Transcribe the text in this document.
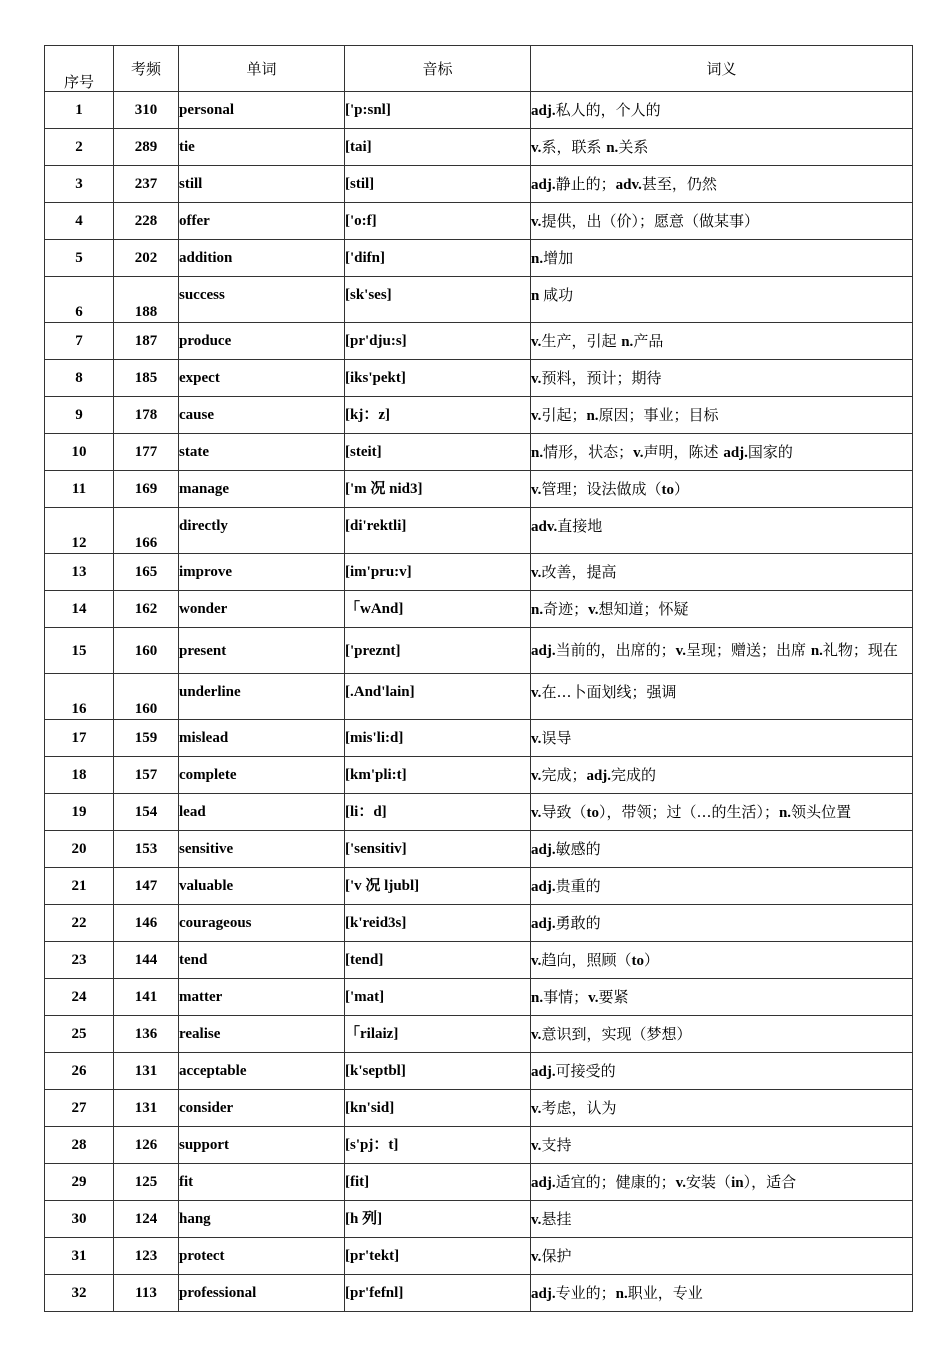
序号	考频	单词	音标	词义
1	310	personal	['p:snl]	adj.私人的，个人的
2	289	tie	[tai]	v.系，联系 n.关系
3	237	still	[stil]	adj.静止的；adv.甚至，仍然
4	228	offer	['o:f]	v.提供，出（价）；愿意（做某事）
5	202	addition	['difn]	n.增加
6	188	success	[sk'ses]	n 咸功
7	187	produce	[pr'dju:s]	v.生产，引起 n.产品
8	185	expect	[iks'pekt]	v.预料，预计；期待
9	178	cause	[kj：z]	v.引起；n.原因；事业；目标
10	177	state	[steit]	n.情形，状态；v.声明，陈述 adj.国家的
11	169	manage	['m 况 nid3]	v.管理；设法做成（to）
12	166	directly	[di'rektli]	adv.直接地
13	165	improve	[im'pru:v]	v.改善，提高
14	162	wonder	「wAnd]	n.奇迹；v.想知道；怀疑
15	160	present	['preznt]	adj.当前的，出席的；v.呈现；赠送；出席 n.礼物；现在
16	160	underline	[.And'lain]	v.在…卜面划线；强调
17	159	mislead	[mis'li:d]	v.误导
18	157	complete	[km'pli:t]	v.完成；adj.完成的
19	154	lead	[li：d]	v.导致（to），带领；过（…的生活）；n.领头位置
20	153	sensitive	['sensitiv]	adj.敏感的
21	147	valuable	['v 况 ljubl]	adj.贵重的
22	146	courageous	[k'reid3s]	adj.勇敢的
23	144	tend	[tend]	v.趋向，照顾（to）
24	141	matter	['mat]	n.事情；v.要紧
25	136	realise	「rilaiz]	v.意识到，实现（梦想）
26	131	acceptable	[k'septbl]	adj.可接受的
27	131	consider	[kn'sid]	v.考虑，认为
28	126	support	[s'pj：t]	v.支持
29	125	fit	[fit]	adj.适宜的；健康的；v.安装（in），适合
30	124	hang	[h 列]	v.悬挂
31	123	protect	[pr'tekt]	v.保护
32	113	professional	[pr'fefnl]	adj.专业的；n.职业，专业
